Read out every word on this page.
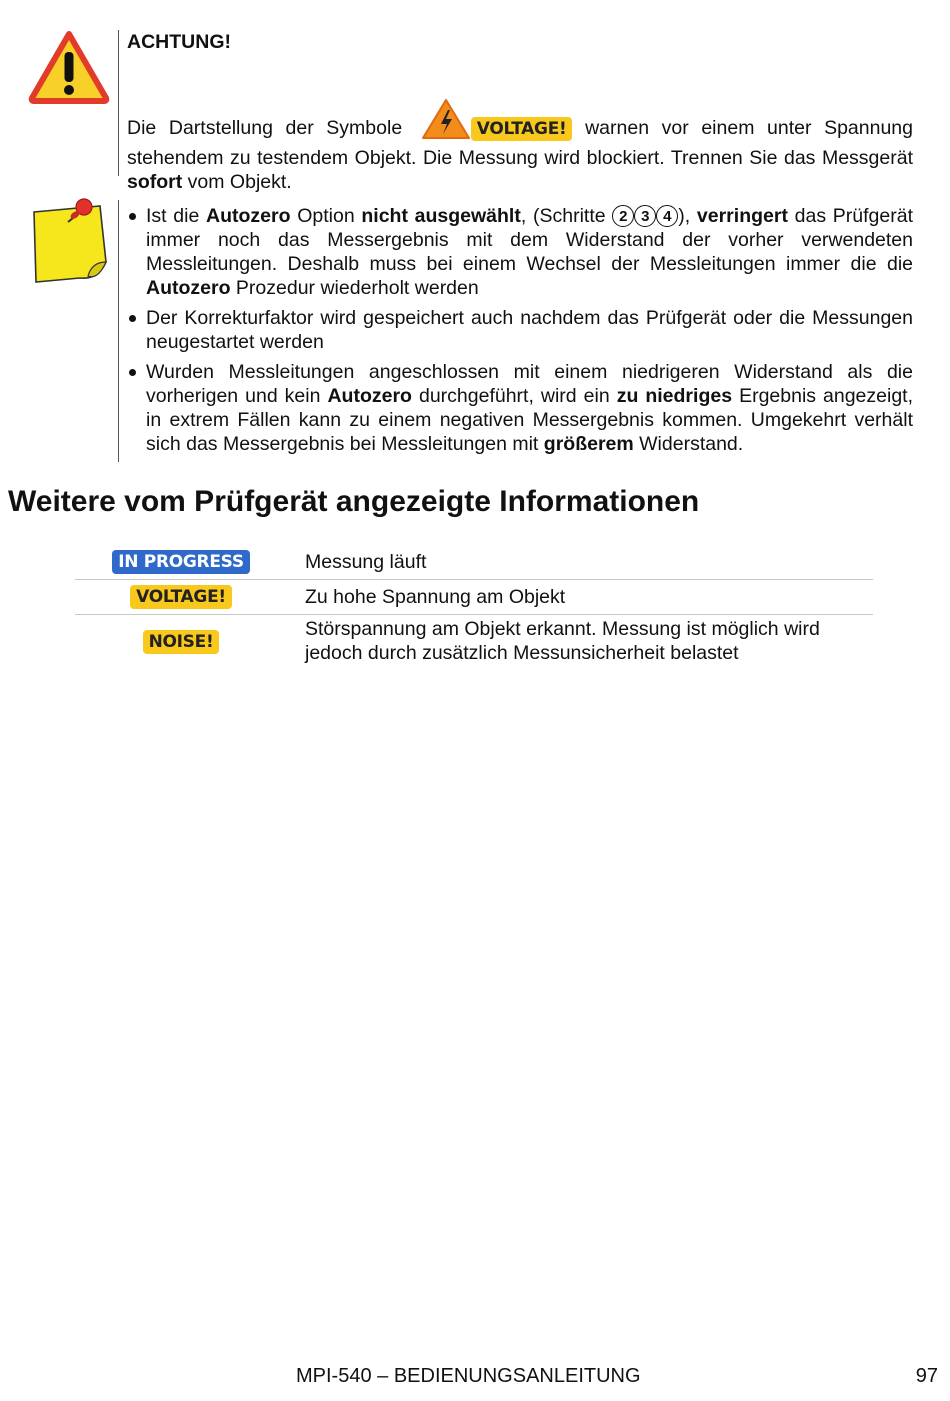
ACHTUNG!

Die Dartstellung der Symbole	VOLTAGE! warnen vor einem unter Spannung stehendem zu testendem Objekt. Die Messung wird blockiert. Trennen Sie das Messgerät sofort vom Objekt.

Ist die Autozero Option nicht ausgewählt, (Schritte 2 3 4 ), verringert das Prüfgerät immer noch das Messergebnis mit dem Widerstand der vorher verwendeten Messleitungen. Deshalb muss bei einem Wechsel der Messleitungen immer die die Autozero Prozedur wiederholt werden
Der Korrekturfaktor wird gespeichert auch nachdem das Prüfgerät oder die Messungen neugestartet werden
Wurden Messleitungen angeschlossen mit einem niedrigeren Widerstand als die vorherigen und kein Autozero durchgeführt, wird ein zu niedriges Ergebnis angezeigt, in extrem Fällen kann zu einem negativen Messergebnis kommen. Umgekehrt verhält sich das Messergebnis bei Messleitungen mit größerem Widerstand.
Weitere vom Prüfgerät angezeigte Informationen
IN PROGRESS	Messung läuft
VOLTAGE!	Zu hohe Spannung am Objekt
NOISE!	Störspannung am Objekt erkannt. Messung ist möglich wird jedoch durch zusätzlich Messunsicherheit belastet
MPI-540 – BEDIENUNGSANLEITUNG	97
